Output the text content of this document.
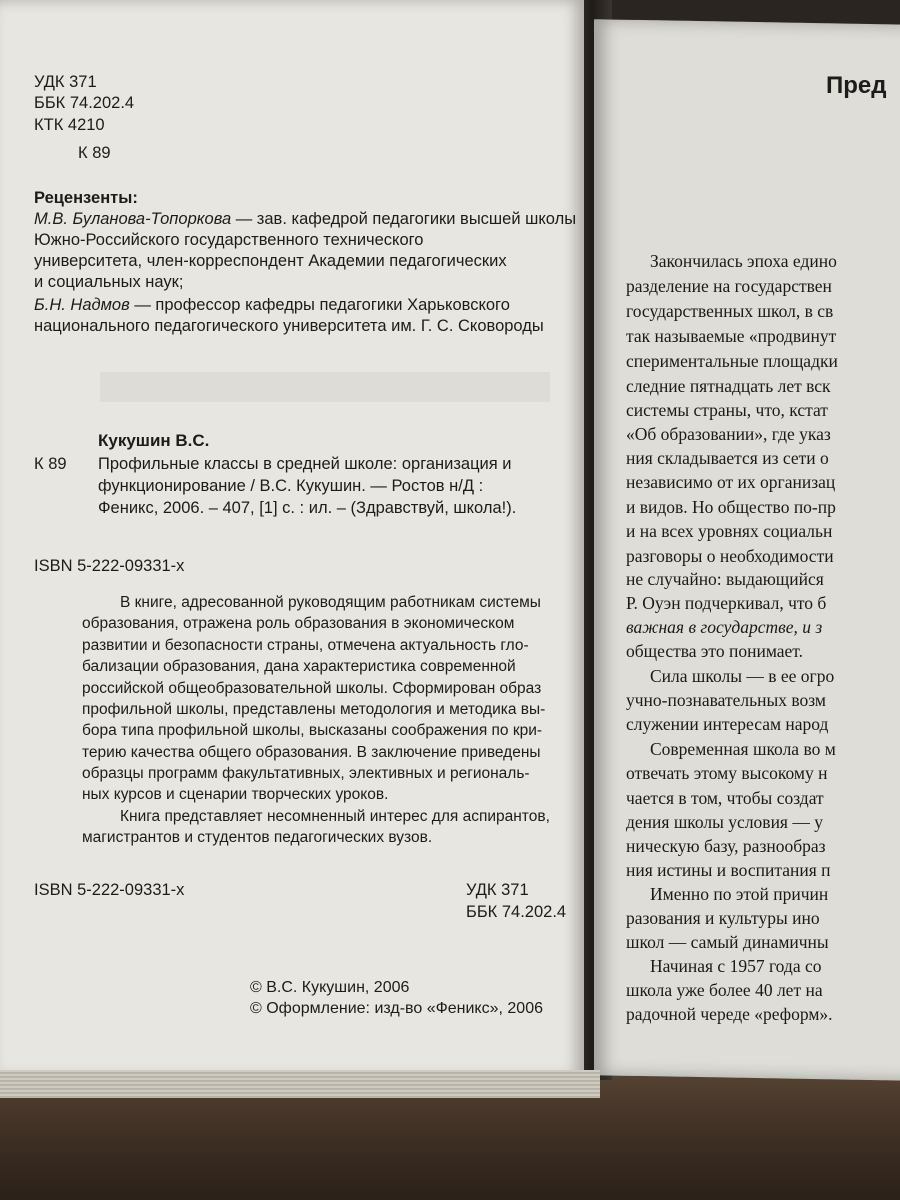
Пред
Закончилась эпоха едино
разделение на государствен
государственных школ, в св
так называемые «продвинут
спериментальные площадки
следние пятнадцать лет вск
системы страны, что, кстат
«Об образовании», где указ
ния складывается из сети о
независимо от их организац
и видов. Но общество по-пр
и на всех уровнях социальн
разговоры о необходимости
не случайно: выдающийся
Р. Оуэн подчеркивал, что б
важная в государстве, и з
общества это понимает.
Сила школы — в ее огро
учно-познавательных возм
служении интересам народ
Современная школа во м
отвечать этому высокому н
чается в том, чтобы создат
дения школы условия — у
ническую базу, разнообраз
ния истины и воспитания п
Именно по этой причин
разования и культуры ино
школ — самый динамичны
Начиная с 1957 года со
школа уже более 40 лет на
радочной череде «реформ».
УДК 371
ББК 74.202.4
КТК 4210
К 89
Рецензенты:
М.В. Буланова-Топоркова — зав. кафедрой педагогики высшей школы
Южно-Российского государственного технического
университета, член-корреспондент Академии педагогических
и социальных наук;
Б.Н. Надмов — профессор кафедры педагогики Харьковского
национального педагогического университета им. Г. С. Сковороды
Кукушин В.С.
К 89 Профильные классы в средней школе: организация и
функционирование / В.С. Кукушин. — Ростов н/Д :
Феникс, 2006. – 407, [1] с. : ил. – (Здравствуй, школа!).
ISBN 5-222-09331-x
В книге, адресованной руководящим работникам системы
образования, отражена роль образования в экономическом
развитии и безопасности страны, отмечена актуальность гло-
бализации образования, дана характеристика современной
российской общеобразовательной школы. Сформирован образ
профильной школы, представлены методология и методика вы-
бора типа профильной школы, высказаны соображения по кри-
терию качества общего образования. В заключение приведены
образцы программ факультативных, элективных и региональ-
ных курсов и сценарии творческих уроков.
Книга представляет несомненный интерес для аспирантов,
магистрантов и студентов педагогических вузов.
ISBN 5-222-09331-x	УДК 371
ББК 74.202.4
© В.С. Кукушин, 2006
© Оформление: изд-во «Феникс», 2006
